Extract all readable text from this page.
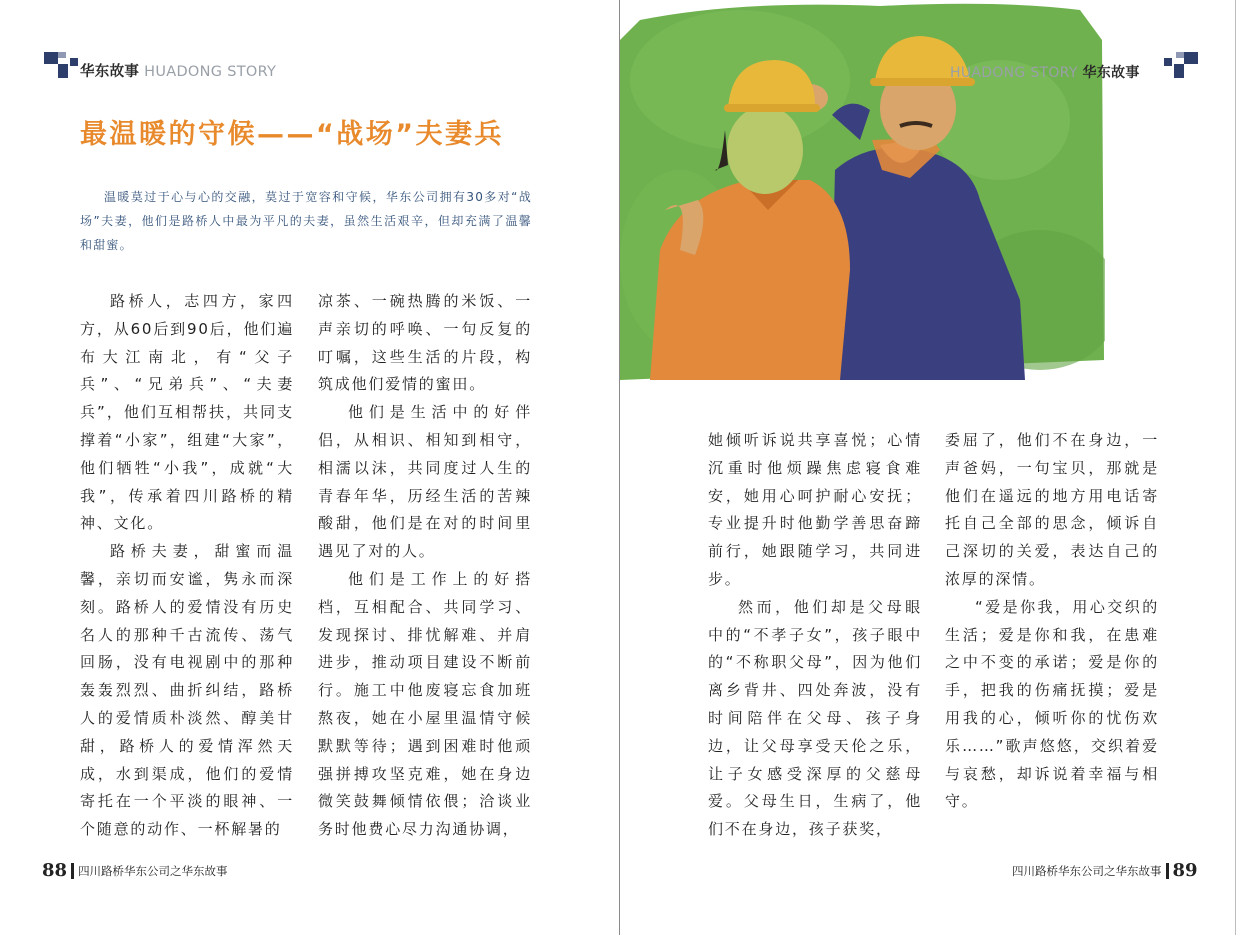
华东故事 HUADONG STORY
最温暖的守候——“战场”夫妻兵

温暖莫过于心与心的交融，莫过于宽容和守候，华东公司拥有30多对“战场”夫妻，他们是路桥人中最为平凡的夫妻，虽然生活艰辛，但却充满了温馨和甜蜜。

路桥人，志四方，家四方，从60后到90后，他们遍布大江南北，有“父子兵”、“兄弟兵”、“夫妻兵”，他们互相帮扶，共同支撑着“小家”，组建“大家”，他们牺牲“小我”，成就“大我”，传承着四川路桥的精神、文化。

路桥夫妻，甜蜜而温馨，亲切而安谧，隽永而深刻。路桥人的爱情没有历史名人的那种千古流传、荡气回肠，没有电视剧中的那种轰轰烈烈、曲折纠结，路桥人的爱情质朴淡然、醇美甘甜，路桥人的爱情浑然天成，水到渠成，他们的爱情寄托在一个平淡的眼神、一个随意的动作、一杯解暑的

凉茶、一碗热腾的米饭、一声亲切的呼唤、一句反复的叮嘱，这些生活的片段，构筑成他们爱情的蜜田。

他们是生活中的好伴侣，从相识、相知到相守，相濡以沫，共同度过人生的青春年华，历经生活的苦辣酸甜，他们是在对的时间里遇见了对的人。

他们是工作上的好搭档，互相配合、共同学习、发现探讨、排忧解难、并肩进步，推动项目建设不断前行。施工中他废寝忘食加班熬夜，她在小屋里温情守候默默等待；遇到困难时他顽强拼搏攻坚克难，她在身边微笑鼓舞倾情依偎；洽谈业务时他费心尽力沟通协调，

88 四川路桥华东公司之华东故事
HUADONG STORY 华东故事

她倾听诉说共享喜悦；心情沉重时他烦躁焦虑寝食难安，她用心呵护耐心安抚；专业提升时他勤学善思奋蹄前行，她跟随学习，共同进步。

然而，他们却是父母眼中的“不孝子女”，孩子眼中的“不称职父母”，因为他们离乡背井、四处奔波，没有时间陪伴在父母、孩子身边，让父母享受天伦之乐，让子女感受深厚的父慈母爱。父母生日，生病了，他们不在身边，孩子获奖，

委屈了，他们不在身边，一声爸妈，一句宝贝，那就是他们在遥远的地方用电话寄托自己全部的思念，倾诉自己深切的关爱，表达自己的浓厚的深情。

“爱是你我，用心交织的生活；爱是你和我，在患难之中不变的承诺；爱是你的手，把我的伤痛抚摸；爱是用我的心，倾听你的忧伤欢乐……”歌声悠悠，交织着爱与哀愁，却诉说着幸福与相守。

四川路桥华东公司之华东故事 89
